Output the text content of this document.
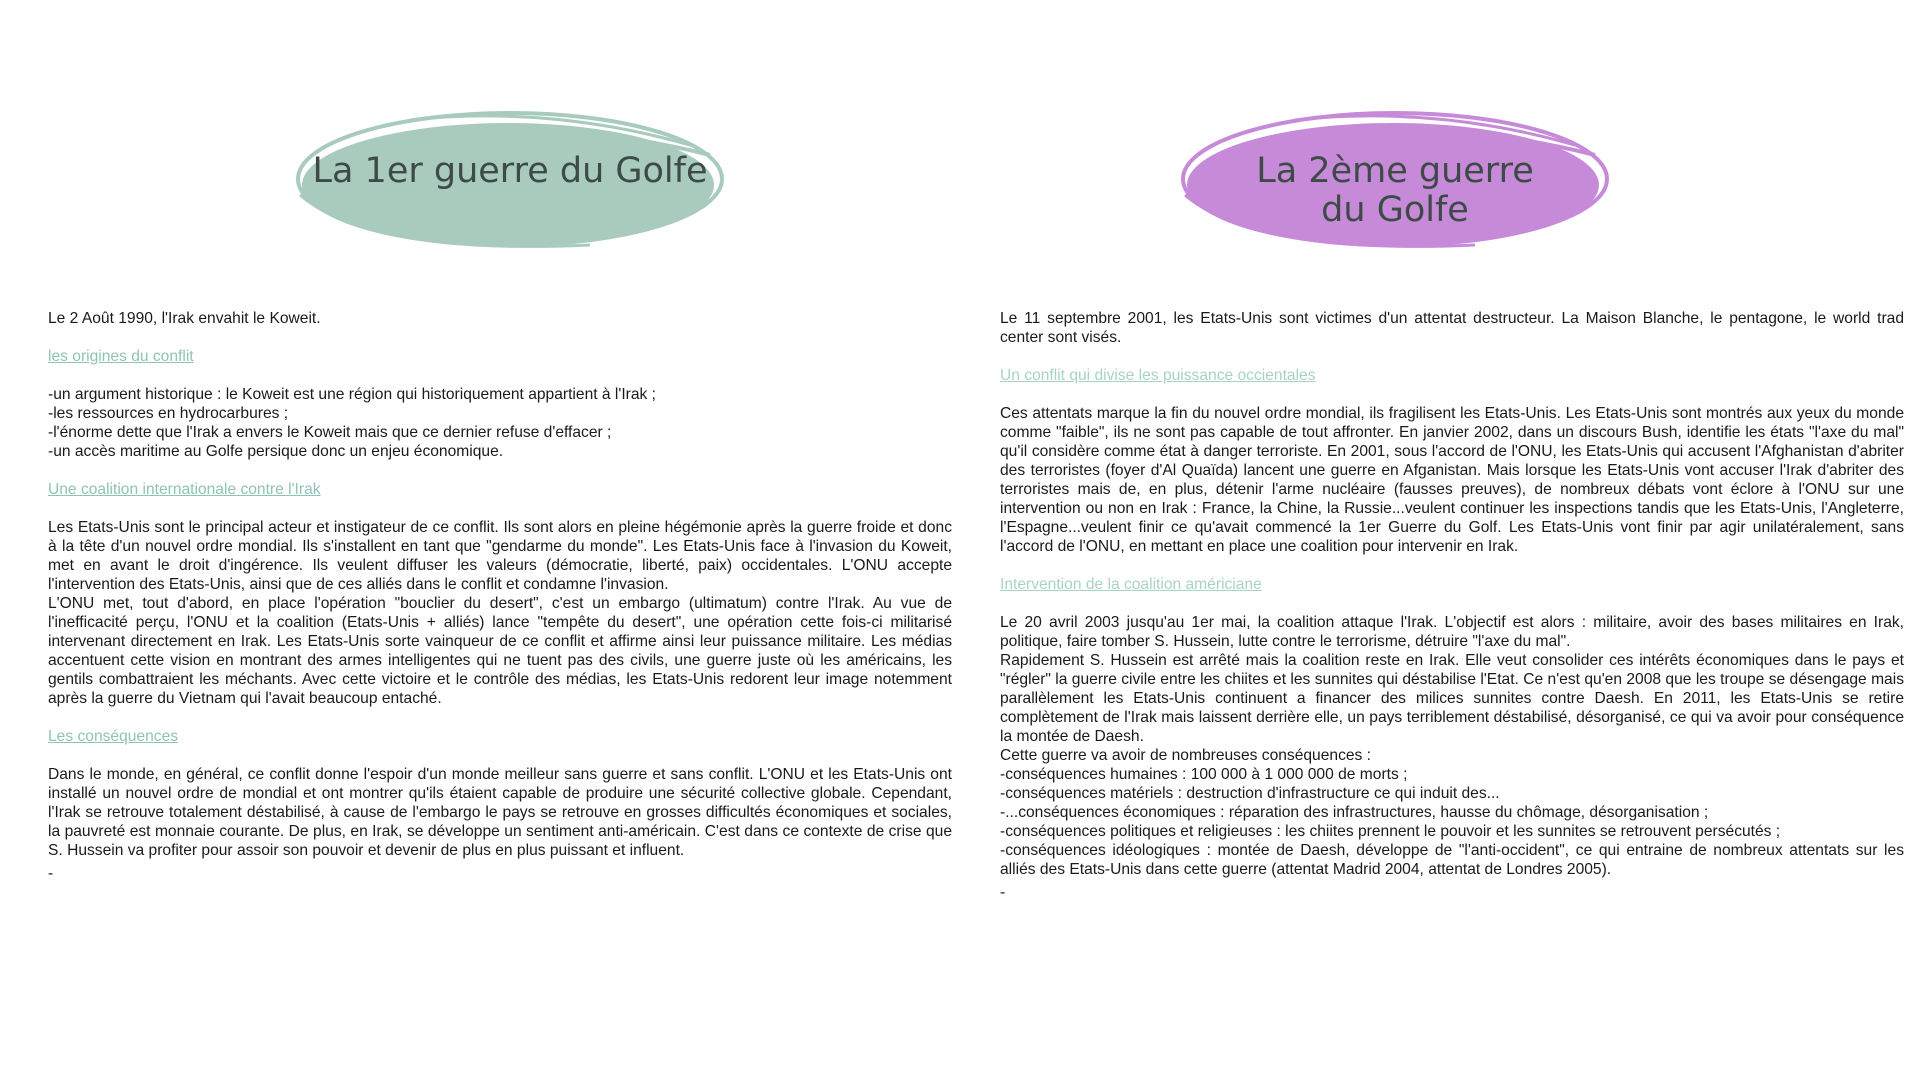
La 1er guerre du Golfe	La 2ème guerre du Golfe

Le 2 Août 1990, l'Irak envahit le Koweit.

les origines du conflit

-un argument historique : le Koweit est une région qui historiquement appartient à l'Irak ;

-les ressources en hydrocarbures ;

-l'énorme dette que l'Irak a envers le Koweit mais que ce dernier refuse d'effacer ;

-un accès maritime au Golfe persique donc un enjeu économique.

Une coalition internationale contre l'Irak

Les Etats-Unis sont le principal acteur et instigateur de ce conflit. Ils sont alors en pleine hégémonie après la guerre froide et donc à la tête d'un nouvel ordre mondial. Ils s'installent en tant que "gendarme du monde". Les Etats-Unis face à l'invasion du Koweit, met en avant le droit d'ingérence. Ils veulent diffuser les valeurs (démocratie, liberté, paix) occidentales. L'ONU accepte l'intervention des Etats-Unis, ainsi que de ces alliés dans le conflit et condamne l'invasion.

L'ONU met, tout d'abord, en place l'opération "bouclier du desert", c'est un embargo (ultimatum) contre l'Irak. Au vue de l'inefficacité perçu, l'ONU et la coalition (Etats-Unis + alliés) lance "tempête du desert", une opération cette fois-ci militarisé intervenant directement en Irak. Les Etats-Unis sorte vainqueur de ce conflit et affirme ainsi leur puissance militaire. Les médias accentuent cette vision en montrant des armes intelligentes qui ne tuent pas des civils, une guerre juste où les américains, les gentils combattraient les méchants. Avec cette victoire et le contrôle des médias, les Etats-Unis redorent leur image notemment après la guerre du Vietnam qui l'avait beaucoup entaché.

Les conséquences

Dans le monde, en général, ce conflit donne l'espoir d'un monde meilleur sans guerre et sans conflit. L'ONU et les Etats-Unis ont installé un nouvel ordre de mondial et ont montrer qu'ils étaient capable de produire une sécurité collective globale. Cependant, l'Irak se retrouve totalement déstabilisé, à cause de l'embargo le pays se retrouve en grosses difficultés économiques et sociales, la pauvreté est monnaie courante. De plus, en Irak, se développe un sentiment anti-américain. C'est dans ce contexte de crise que S. Hussein va profiter pour assoir son pouvoir et devenir de plus en plus puissant et influent.

-

Le 11 septembre 2001, les Etats-Unis sont victimes d'un attentat destructeur. La Maison Blanche, le pentagone, le world trad center sont visés.

Un conflit qui divise les puissance occientales

Ces attentats marque la fin du nouvel ordre mondial, ils fragilisent les Etats-Unis. Les Etats-Unis sont montrés aux yeux du monde comme "faible", ils ne sont pas capable de tout affronter. En janvier 2002, dans un discours Bush, identifie les états "l'axe du mal" qu'il considère comme état à danger terroriste. En 2001, sous l'accord de l'ONU, les Etats-Unis qui accusent l'Afghanistan d'abriter des terroristes (foyer d'Al Quaïda) lancent une guerre en Afganistan. Mais lorsque les Etats-Unis vont accuser l'Irak d'abriter des terroristes mais de, en plus, détenir l'arme nucléaire (fausses preuves), de nombreux débats vont éclore à l'ONU sur une intervention ou non en Irak : France, la Chine, la Russie...veulent continuer les inspections tandis que les Etats-Unis, l'Angleterre, l'Espagne...veulent finir ce qu'avait commencé la 1er Guerre du Golf. Les Etats-Unis vont finir par agir unilatéralement, sans l'accord de l'ONU, en mettant en place une coalition pour intervenir en Irak.

Intervention de la coalition américiane

Le 20 avril 2003 jusqu'au 1er mai, la coalition attaque l'Irak. L'objectif est alors : militaire, avoir des bases militaires en Irak, politique, faire tomber S. Hussein, lutte contre le terrorisme, détruire "l'axe du mal".

Rapidement S. Hussein est arrêté mais la coalition reste en Irak. Elle veut consolider ces intérêts économiques dans le pays et "régler" la guerre civile entre les chiites et les sunnites qui déstabilise l'Etat. Ce n'est qu'en 2008 que les troupe se désengage mais parallèlement les Etats-Unis continuent a financer des milices sunnites contre Daesh. En 2011, les Etats-Unis se retire complètement de l'Irak mais laissent derrière elle, un pays terriblement déstabilisé, désorganisé, ce qui va avoir pour conséquence la montée de Daesh.

Cette guerre va avoir de nombreuses conséquences :

-conséquences humaines : 100 000 à 1 000 000 de morts ;

-conséquences matériels : destruction d'infrastructure ce qui induit des...

-...conséquences économiques : réparation des infrastructures, hausse du chômage, désorganisation ;

-conséquences politiques et religieuses : les chiites prennent le pouvoir et les sunnites se retrouvent persécutés ;

-conséquences idéologiques : montée de Daesh, développe de "l'anti-occident", ce qui entraine de nombreux attentats sur les alliés des Etats-Unis dans cette guerre (attentat Madrid 2004, attentat de Londres 2005).

-
